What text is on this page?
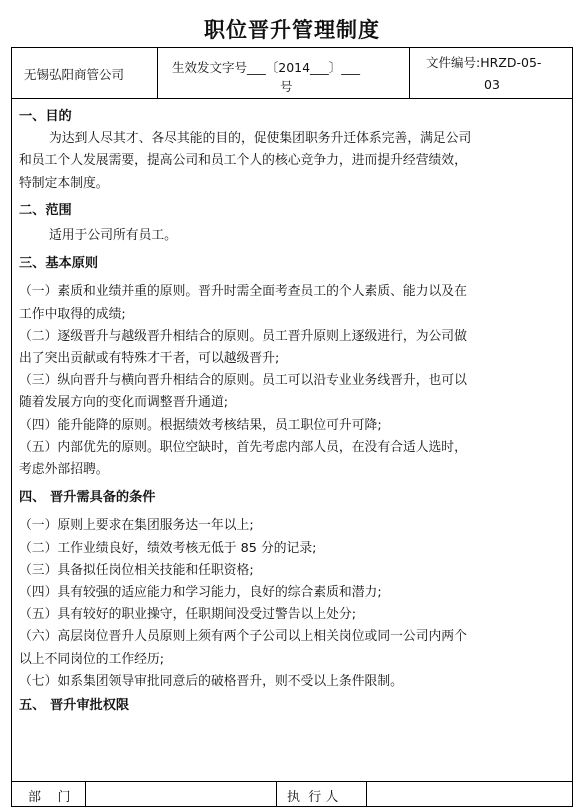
职位晋升管理制度
无锡弘阳商管公司	生效发文字号___〔2014___〕___
号
文件编号:HRZD-05-
03
一、目的
为达到人尽其才、各尽其能的目的，促使集团职务升迁体系完善，满足公司
和员工个人发展需要，提高公司和员工个人的核心竞争力，进而提升经营绩效，
特制定本制度。
二、范围
适用于公司所有员工。
三、基本原则
（一）素质和业绩并重的原则。晋升时需全面考查员工的个人素质、能力以及在
工作中取得的成绩;
（二）逐级晋升与越级晋升相结合的原则。员工晋升原则上逐级进行，为公司做
出了突出贡献或有特殊才干者，可以越级晋升;
（三）纵向晋升与横向晋升相结合的原则。员工可以沿专业业务线晋升，也可以
随着发展方向的变化而调整晋升通道;
（四）能升能降的原则。根据绩效考核结果，员工职位可升可降;
（五）内部优先的原则。职位空缺时，首先考虑内部人员，在没有合适人选时，
考虑外部招聘。
四、 晋升需具备的条件
（一）原则上要求在集团服务达一年以上;
（二）工作业绩良好，绩效考核无低于 85 分的记录;
（三）具备拟任岗位相关技能和任职资格;
（四）具有较强的适应能力和学习能力，良好的综合素质和潜力;
（五）具有较好的职业操守，任职期间没受过警告以上处分;
（六）高层岗位晋升人员原则上须有两个子公司以上相关岗位或同一公司内两个
以上不同岗位的工作经历;
（七）如系集团领导审批同意后的破格晋升，则不受以上条件限制。
五、 晋升审批权限
部    门	执  行 人
